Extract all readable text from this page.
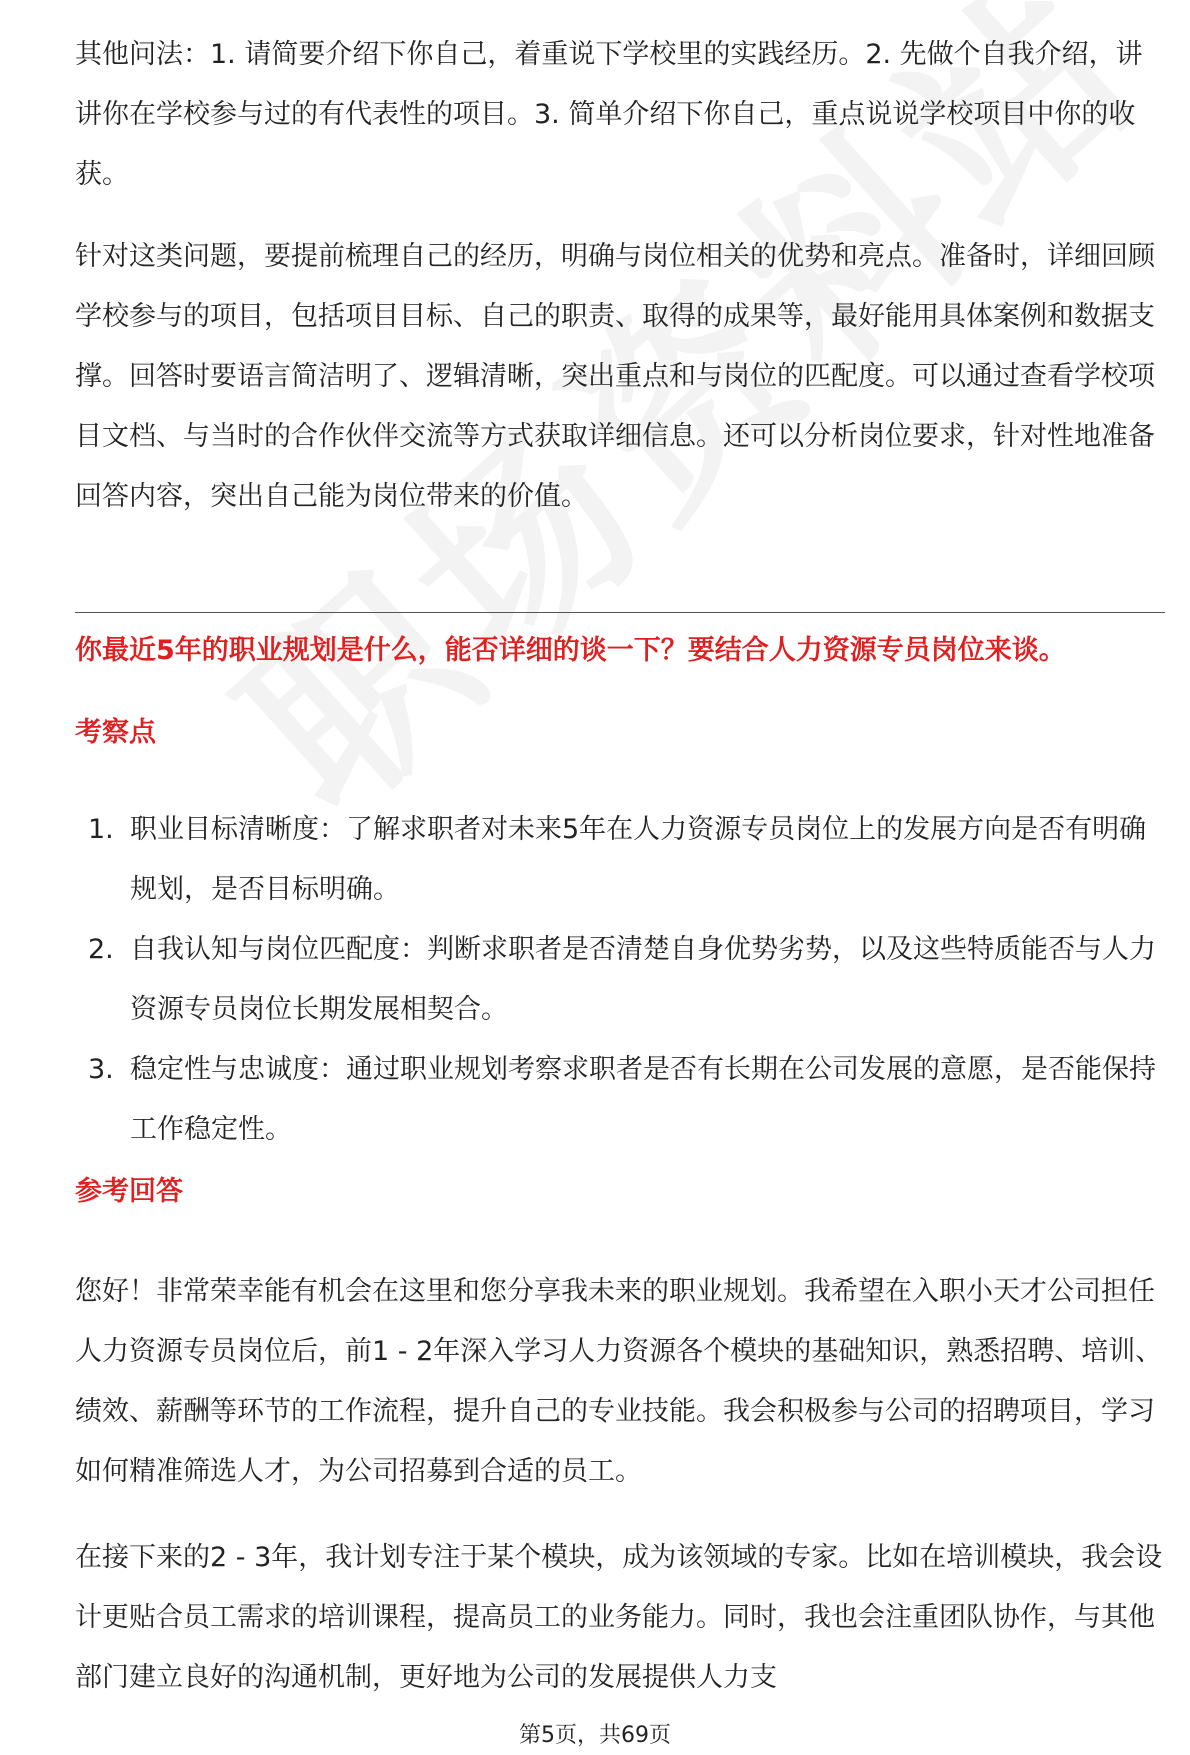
其他问法：1. 请简要介绍下你自己，着重说下学校里的实践经历。2. 先做个自我介绍，讲讲你在学校参与过的有代表性的项目。3. 简单介绍下你自己，重点说说学校项目中你的收获。

针对这类问题，要提前梳理自己的经历，明确与岗位相关的优势和亮点。准备时，详细回顾学校参与的项目，包括项目目标、自己的职责、取得的成果等，最好能用具体案例和数据支撑。回答时要语言简洁明了、逻辑清晰，突出重点和与岗位的匹配度。可以通过查看学校项目文档、与当时的合作伙伴交流等方式获取详细信息。还可以分析岗位要求，针对性地准备回答内容，突出自己能为岗位带来的价值。

你最近5年的职业规划是什么，能否详细的谈一下？要结合人力资源专员岗位来谈。

考察点

1. 职业目标清晰度：了解求职者对未来5年在人力资源专员岗位上的发展方向是否有明确规划，是否目标明确。
2. 自我认知与岗位匹配度：判断求职者是否清楚自身优势劣势，以及这些特质能否与人力资源专员岗位长期发展相契合。
3. 稳定性与忠诚度：通过职业规划考察求职者是否有长期在公司发展的意愿，是否能保持工作稳定性。

参考回答

您好！非常荣幸能有机会在这里和您分享我未来的职业规划。我希望在入职小天才公司担任人力资源专员岗位后，前1 - 2年深入学习人力资源各个模块的基础知识，熟悉招聘、培训、绩效、薪酬等环节的工作流程，提升自己的专业技能。我会积极参与公司的招聘项目，学习如何精准筛选人才，为公司招募到合适的员工。

在接下来的2 - 3年，我计划专注于某个模块，成为该领域的专家。比如在培训模块，我会设计更贴合员工需求的培训课程，提高员工的业务能力。同时，我也会注重团队协作，与其他部门建立良好的沟通机制，更好地为公司的发展提供人力支

第5页，共69页
